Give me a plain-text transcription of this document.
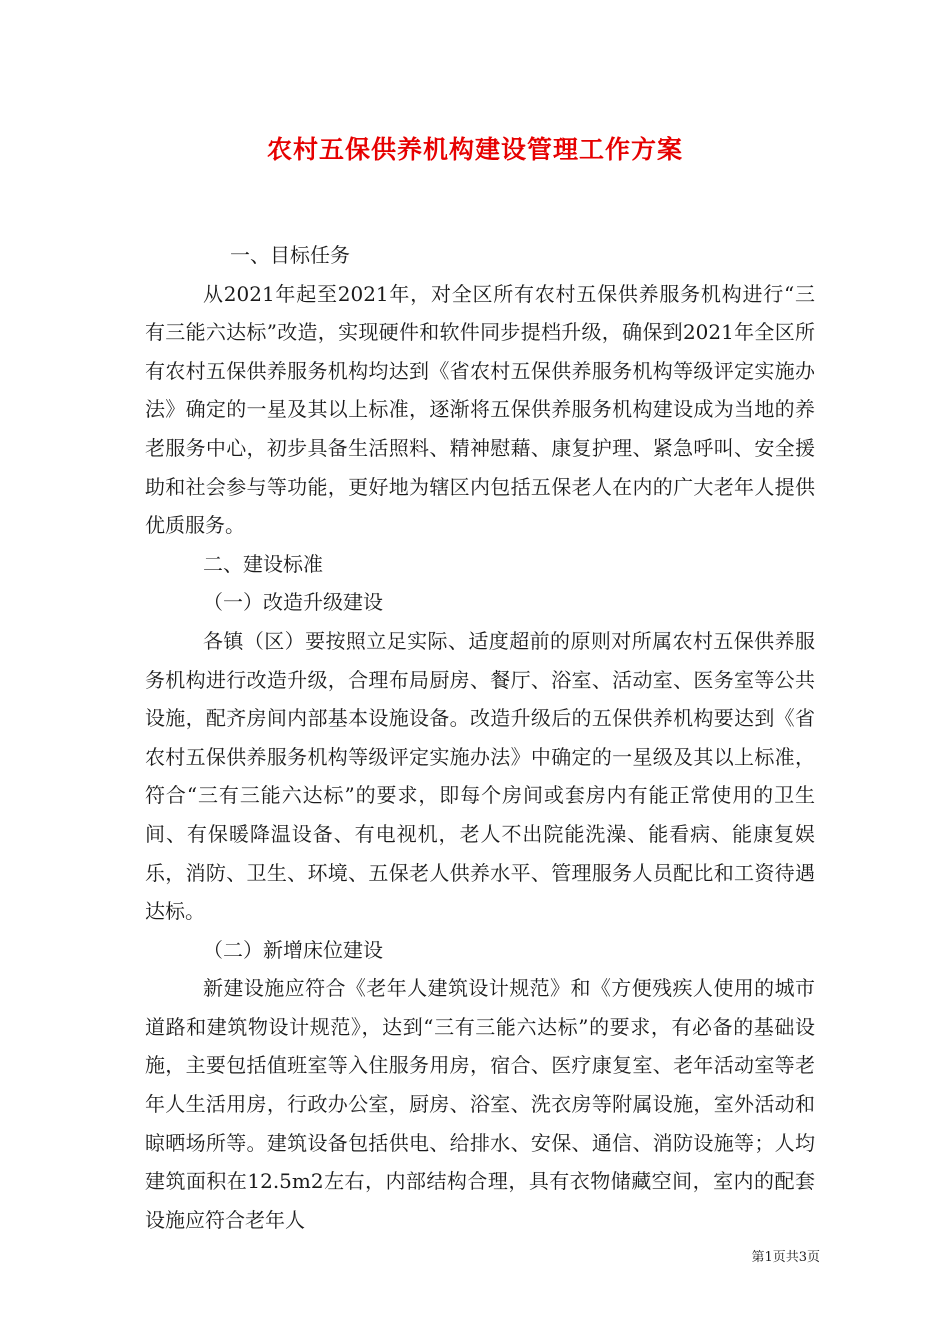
农村五保供养机构建设管理工作方案

一、目标任务

从2021年起至2021年，对全区所有农村五保供养服务机构进行“三有三能六达标”改造，实现硬件和软件同步提档升级，确保到2021年全区所有农村五保供养服务机构均达到《省农村五保供养服务机构等级评定实施办法》确定的一星及其以上标准，逐渐将五保供养服务机构建设成为当地的养老服务中心，初步具备生活照料、精神慰藉、康复护理、紧急呼叫、安全援助和社会参与等功能，更好地为辖区内包括五保老人在内的广大老年人提供优质服务。

二、建设标准

（一）改造升级建设

各镇（区）要按照立足实际、适度超前的原则对所属农村五保供养服务机构进行改造升级，合理布局厨房、餐厅、浴室、活动室、医务室等公共设施，配齐房间内部基本设施设备。改造升级后的五保供养机构要达到《省农村五保供养服务机构等级评定实施办法》中确定的一星级及其以上标准，符合“三有三能六达标”的要求，即每个房间或套房内有能正常使用的卫生间、有保暖降温设备、有电视机，老人不出院能洗澡、能看病、能康复娱乐，消防、卫生、环境、五保老人供养水平、管理服务人员配比和工资待遇达标。

（二）新增床位建设

新建设施应符合《老年人建筑设计规范》和《方便残疾人使用的城市道路和建筑物设计规范》，达到“三有三能六达标”的要求，有必备的基础设施，主要包括值班室等入住服务用房，宿合、医疗康复室、老年活动室等老年人生活用房，行政办公室，厨房、浴室、洗衣房等附属设施，室外活动和晾晒场所等。建筑设备包括供电、给排水、安保、通信、消防设施等；人均建筑面积在12.5m2左右，内部结构合理，具有衣物储藏空间，室内的配套设施应符合老年人

第1页共3页
